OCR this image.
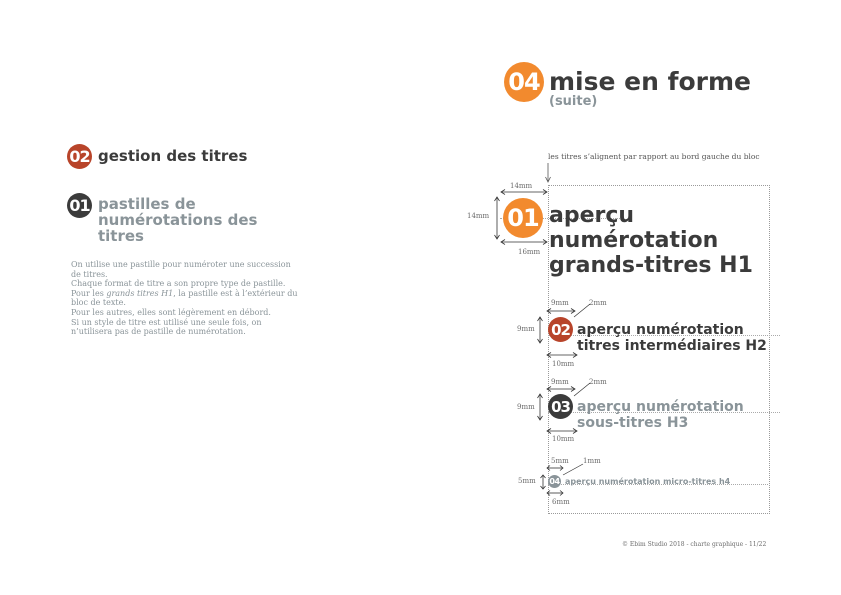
02 gestion des titres
01 pastilles de
numérotations des
titres
On utilise une pastille pour numéroter une succession
de titres.
Chaque format de titre a son propre type de pastille.
Pour les grands titres H1, la pastille est à l’extérieur du
bloc de texte.
Pour les autres, elles sont légèrement en débord.
Si un style de titre est utilisé une seule fois, on
n’utilisera pas de pastille de numérotation.
© Ebim Studio 2018 - charte graphique - 11/22
04 mise en forme
(suite)
les titres s’alignent par rapport au bord gauche du bloc
01 aperçu
numérotation
grands-titres H1
14mm
14mm
16mm
02 aperçu numérotation
titres intermédiaires H2
9mm	2mm
9mm
10mm
03 aperçu numérotation
sous-titres H3
9mm	2mm
9mm
10mm
04 aperçu numérotation micro-titres h4
5mm 1mm
5mm
6mm
